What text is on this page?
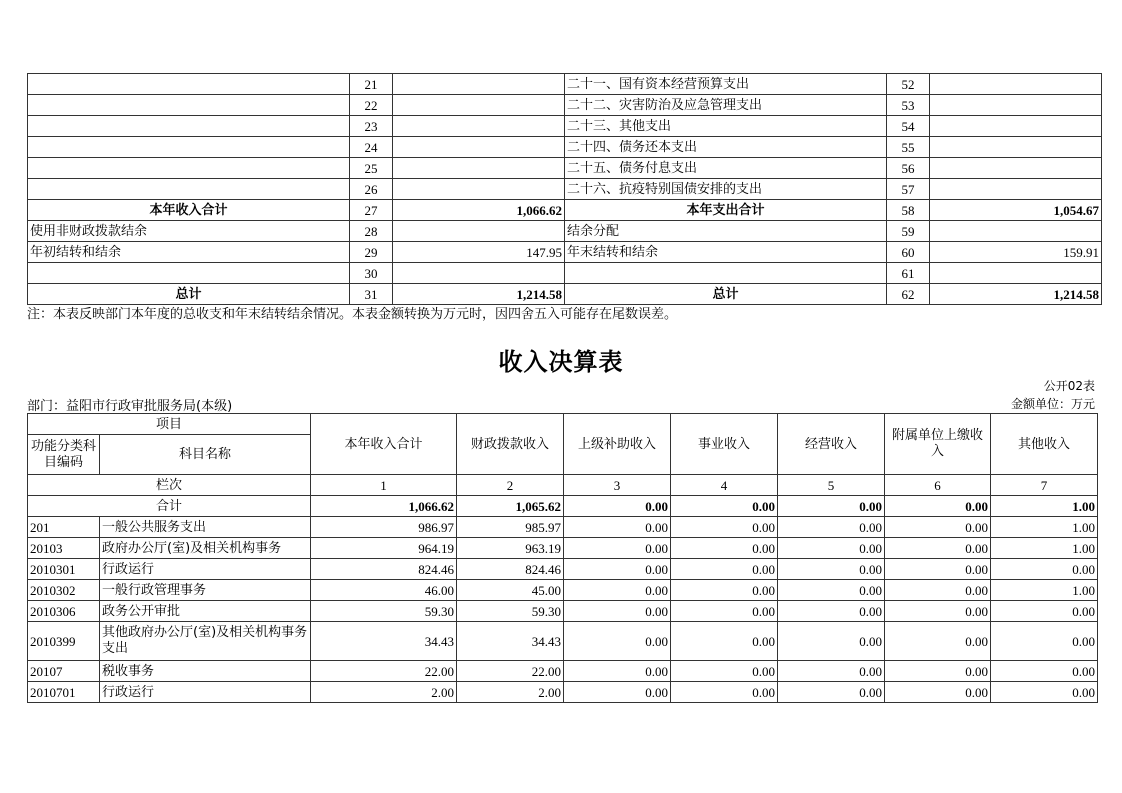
	21		二十一、国有资本经营预算支出	52	
	22		二十二、灾害防治及应急管理支出	53	
	23		二十三、其他支出	54	
	24		二十四、债务还本支出	55	
	25		二十五、债务付息支出	56	
	26		二十六、抗疫特别国债安排的支出	57	
本年收入合计	27	1,066.62	本年支出合计	58	1,054.67
使用非财政拨款结余	28		结余分配	59	
年初结转和结余	29	147.95	年末结转和结余	60	159.91
	30			61	
总计	31	1,214.58	总计	62	1,214.58
注：本表反映部门本年度的总收支和年末结转结余情况。本表金额转换为万元时，因四舍五入可能存在尾数误差。
收入决算表
公开02表
部门：益阳市行政审批服务局(本级)	金额单位：万元
项目		本年收入合计	财政拨款收入	上级补助收入	事业收入	经营收入	附属单位上缴收入	其他收入
功能分类科目编码	科目名称							
栏次		1	2	3	4	5	6	7
合计		1,066.62	1,065.62	0.00	0.00	0.00	0.00	1.00
201	一般公共服务支出	986.97	985.97	0.00	0.00	0.00	0.00	1.00
20103	政府办公厅(室)及相关机构事务	964.19	963.19	0.00	0.00	0.00	0.00	1.00
2010301	行政运行	824.46	824.46	0.00	0.00	0.00	0.00	0.00
2010302	一般行政管理事务	46.00	45.00	0.00	0.00	0.00	0.00	1.00
2010306	政务公开审批	59.30	59.30	0.00	0.00	0.00	0.00	0.00
2010399	其他政府办公厅(室)及相关机构事务支出	34.43	34.43	0.00	0.00	0.00	0.00	0.00
20107	税收事务	22.00	22.00	0.00	0.00	0.00	0.00	0.00
2010701	行政运行	2.00	2.00	0.00	0.00	0.00	0.00	0.00
